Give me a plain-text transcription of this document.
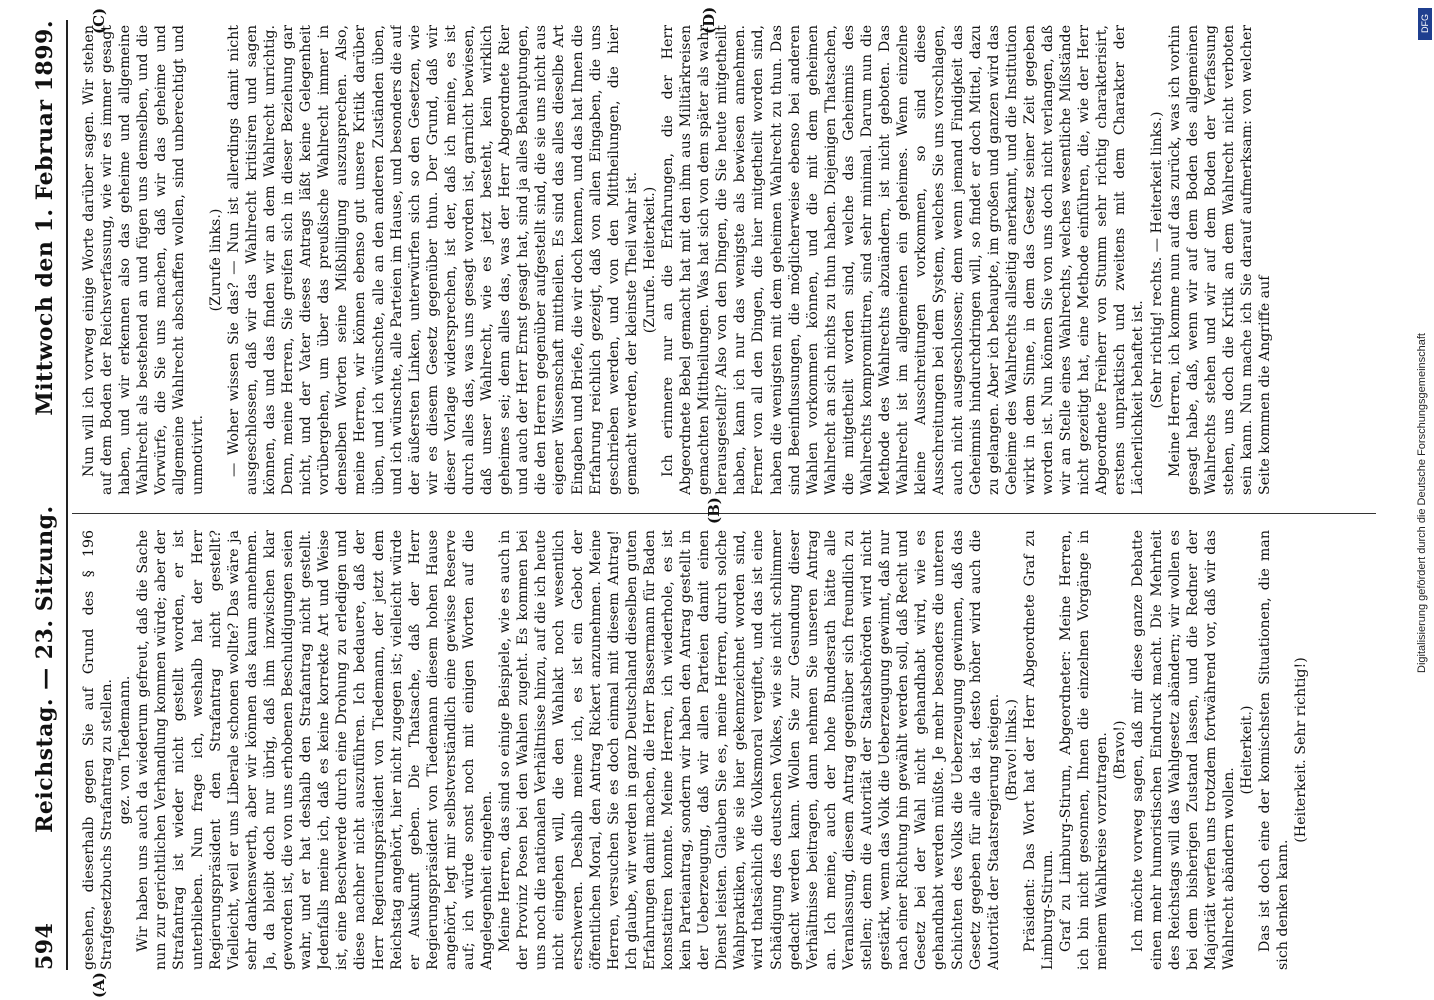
594
Reichstag. — 23. Sitzung.
Mittwoch den 1. Februar 1899.
(A)
(B)
(C)	(D)

gesehen, dieserhalb gegen Sie auf Grund des § 196 Strafgesetzbuchs Strafantrag zu stellen. gez. von Tiedemann. Wir haben uns auch da wiederum gefreut, daß die Sache nun zur gerichtlichen Verhandlung kommen würde; aber der Strafantrag ist wieder nicht gestellt worden, er ist unterblieben. Nun frage ich, weshalb hat der Herr Regierungspräsident den Strafantrag nicht gestellt? Vielleicht, weil er uns Liberale schonen wollte? Das wäre ja sehr dankenswerth, aber wir können das kaum annehmen. Ja, da bleibt doch nur übrig, daß ihm inzwischen klar geworden ist, die von uns erhobenen Beschuldigungen seien wahr, und er hat deshalb den Strafantrag nicht gestellt. Jedenfalls meine ich, daß es keine korrekte Art und Weise ist, eine Beschwerde durch eine Drohung zu erledigen und diese nachher nicht auszuführen. Ich bedauere, daß der Herr Regierungspräsident von Tiedemann, der jetzt dem Reichstag angehört, hier nicht zugegen ist; vielleicht würde er Auskunft geben. Die Thatsache, daß der Herr Regierungspräsident von Tiedemann diesem hohen Hause angehört, legt mir selbstverständlich eine gewisse Reserve auf; ich würde sonst noch mit einigen Worten auf die Angelegenheit eingehen. Meine Herren, das sind so einige Beispiele, wie es auch in der Provinz Posen bei den Wahlen zugeht. Es kommen bei uns noch die nationalen Verhältnisse hinzu, auf die ich heute nicht eingehen will, die den Wahlakt noch wesentlich erschweren. Deshalb meine ich, es ist ein Gebot der öffentlichen Moral, den Antrag Rickert anzunehmen. Meine Herren, versuchen Sie es doch einmal mit diesem Antrag! Ich glaube, wir werden in ganz Deutschland dieselben guten Erfahrungen damit machen, die Herr Bassermann für Baden konstatiren konnte. Meine Herren, ich wiederhole, es ist kein Parteiantrag, sondern wir haben den Antrag gestellt in der Ueberzeugung, daß wir allen Parteien damit einen Dienst leisten. Glauben Sie es, meine Herren, durch solche Wahlpraktiken, wie sie hier gekennzeichnet worden sind, wird thatsächlich die Volksmoral vergiftet, und das ist eine Schädigung des deutschen Volkes, wie sie nicht schlimmer gedacht werden kann. Wollen Sie zur Gesundung dieser Verhältnisse beitragen, dann nehmen Sie unseren Antrag an. Ich meine, auch der hohe Bundesrath hätte alle Veranlassung, diesem Antrag gegenüber sich freundlich zu stellen; denn die Autorität der Staatsbehörden wird nicht gestärkt, wenn das Volk die Ueberzeugung gewinnt, daß nur nach einer Richtung hin gewählt werden soll, daß Recht und Gesetz bei der Wahl nicht gehandhabt wird, wie es gehandhabt werden müßte. Je mehr besonders die unteren Schichten des Volks die Ueberzeugung gewinnen, daß das Gesetz gegeben für alle da ist, desto höher wird auch die Autorität der Staatsregierung steigen. (Bravo! links.) Präsident: Das Wort hat der Herr Abgeordnete Graf zu Limburg-Stirum. Graf zu Limburg-Stirum, Abgeordneter: Meine Herren, ich bin nicht gesonnen, Ihnen die einzelnen Vorgänge in meinem Wahlkreise vorzutragen. (Bravo!) Ich möchte vorweg sagen, daß mir diese ganze Debatte einen mehr humoristischen Eindruck macht. Die Mehrheit des Reichstags will das Wahlgesetz abändern; wir wollen es bei dem bisherigen Zustand lassen, und die Redner der Majorität werfen uns trotzdem fortwährend vor, daß wir das Wahlrecht abändern wollen.

(Heiterkeit.) Das ist doch eine der komischsten Situationen, die man sich denken kann.

(Heiterkeit. Sehr richtig!)

Nun will ich vorweg einige Worte darüber sagen. Wir stehen auf dem Boden der Reichsverfassung, wie wir es immer gesagt haben, und wir erkennen also das geheime und allgemeine Wahlrecht als bestehend an und fügen uns demselben, und die Vorwürfe, die Sie uns machen, daß wir das geheime und allgemeine Wahlrecht abschaffen wollen, sind unberechtigt und unmotivirt.

(Zurufe links.) — Woher wissen Sie das? — Nun ist allerdings damit nicht ausgeschlossen, daß wir das Wahlrecht kritisiren und sagen können, das und das finden wir an dem Wahlrecht unrichtig. Denn, meine Herren, Sie greifen sich in dieser Beziehung gar nicht, und der Vater dieses Antrags läßt keine Gelegenheit vorübergehen, um über das preußische Wahlrecht immer in denselben Worten seine Mißbilligung auszusprechen. Also, meine Herren, wir können ebenso gut unsere Kritik darüber üben, und ich wünschte, alle an den anderen Zuständen üben, und ich wünschte, alle Parteien im Hause, und besonders die auf der äußersten Linken, unterwürfen sich so den Gesetzen, wie wir es diesem Gesetz gegenüber thun. Der Grund, daß wir dieser Vorlage widersprechen, ist der, daß ich meine, es ist durch alles das, was uns gesagt worden ist, garnicht bewiesen, daß unser Wahlrecht, wie es jetzt besteht, kein wirklich geheimes sei; denn alles das, was der Herr Abgeordnete Rier und auch der Herr Ernst gesagt hat, sind ja alles Behauptungen, die den Herren gegenüber aufgestellt sind, die sie uns nicht aus eigener Wissenschaft mittheilen. Es sind das alles dieselbe Art Eingaben und Briefe, die wir doch kennen, und das hat Ihnen die Erfahrung reichlich gezeigt, daß von allen Eingaben, die uns geschrieben werden, und von den Mittheilungen, die hier gemacht werden, der kleinste Theil wahr ist. (Zurufe. Heiterkeit.) Ich erinnere nur an die Erfahrungen, die der Herr Abgeordnete Bebel gemacht hat mit den ihm aus Militärkreisen gemachten Mittheilungen. Was hat sich von dem später als wahr herausgestellt? Also von den Dingen, die Sie heute mitgetheilt haben, kann ich nur das wenigste als bewiesen annehmen. Ferner von all den Dingen, die hier mitgetheilt worden sind, haben die wenigsten mit dem geheimen Wahlrecht zu thun. Das sind Beeinflussungen, die möglicherweise ebenso bei anderen Wahlen vorkommen können, und die mit dem geheimen Wahlrecht an sich nichts zu thun haben. Diejenigen Thatsachen, die mitgetheilt worden sind, welche das Geheimnis des Wahlrechts kompromittiren, sind sehr minimal. Darum nun die Methode des Wahlrechts abzuändern, ist nicht geboten. Das Wahlrecht ist im allgemeinen ein geheimes. Wenn einzelne kleine Ausschreitungen vorkommen, so sind diese Ausschreitungen bei dem System, welches Sie uns vorschlagen, auch nicht ausgeschlossen; denn wenn jemand Findigkeit das Geheimnis hindurchdringen will, so findet er doch Mittel, dazu zu gelangen. Aber ich behaupte, im großen und ganzen wird das Geheime des Wahlrechts allseitig anerkannt, und die Institution wirkt in dem Sinne, in dem das Gesetz seiner Zeit gegeben worden ist. Nun können Sie von uns doch nicht verlangen, daß wir an Stelle eines Wahlrechts, welches wesentliche Mißstände nicht gezeitigt hat, eine Methode einführen, die, wie der Herr Abgeordnete Freiherr von Stumm sehr richtig charakterisirt, erstens unpraktisch und zweitens mit dem Charakter der Lächerlichkeit behaftet ist. (Sehr richtig! rechts. — Heiterkeit links.) Meine Herren, ich komme nun auf das zurück, was ich vorhin gesagt habe, daß, wenn wir auf dem Boden des allgemeinen Wahlrechts stehen und wir auf dem Boden der Verfassung stehen, uns doch die Kritik an dem Wahlrecht nicht verboten sein kann. Nun mache ich Sie darauf aufmerksam: von welcher Seite kommen die Angriffe auf	Digitalisierung gefördert durch die Deutsche Forschungsgemeinschaft
DFG
